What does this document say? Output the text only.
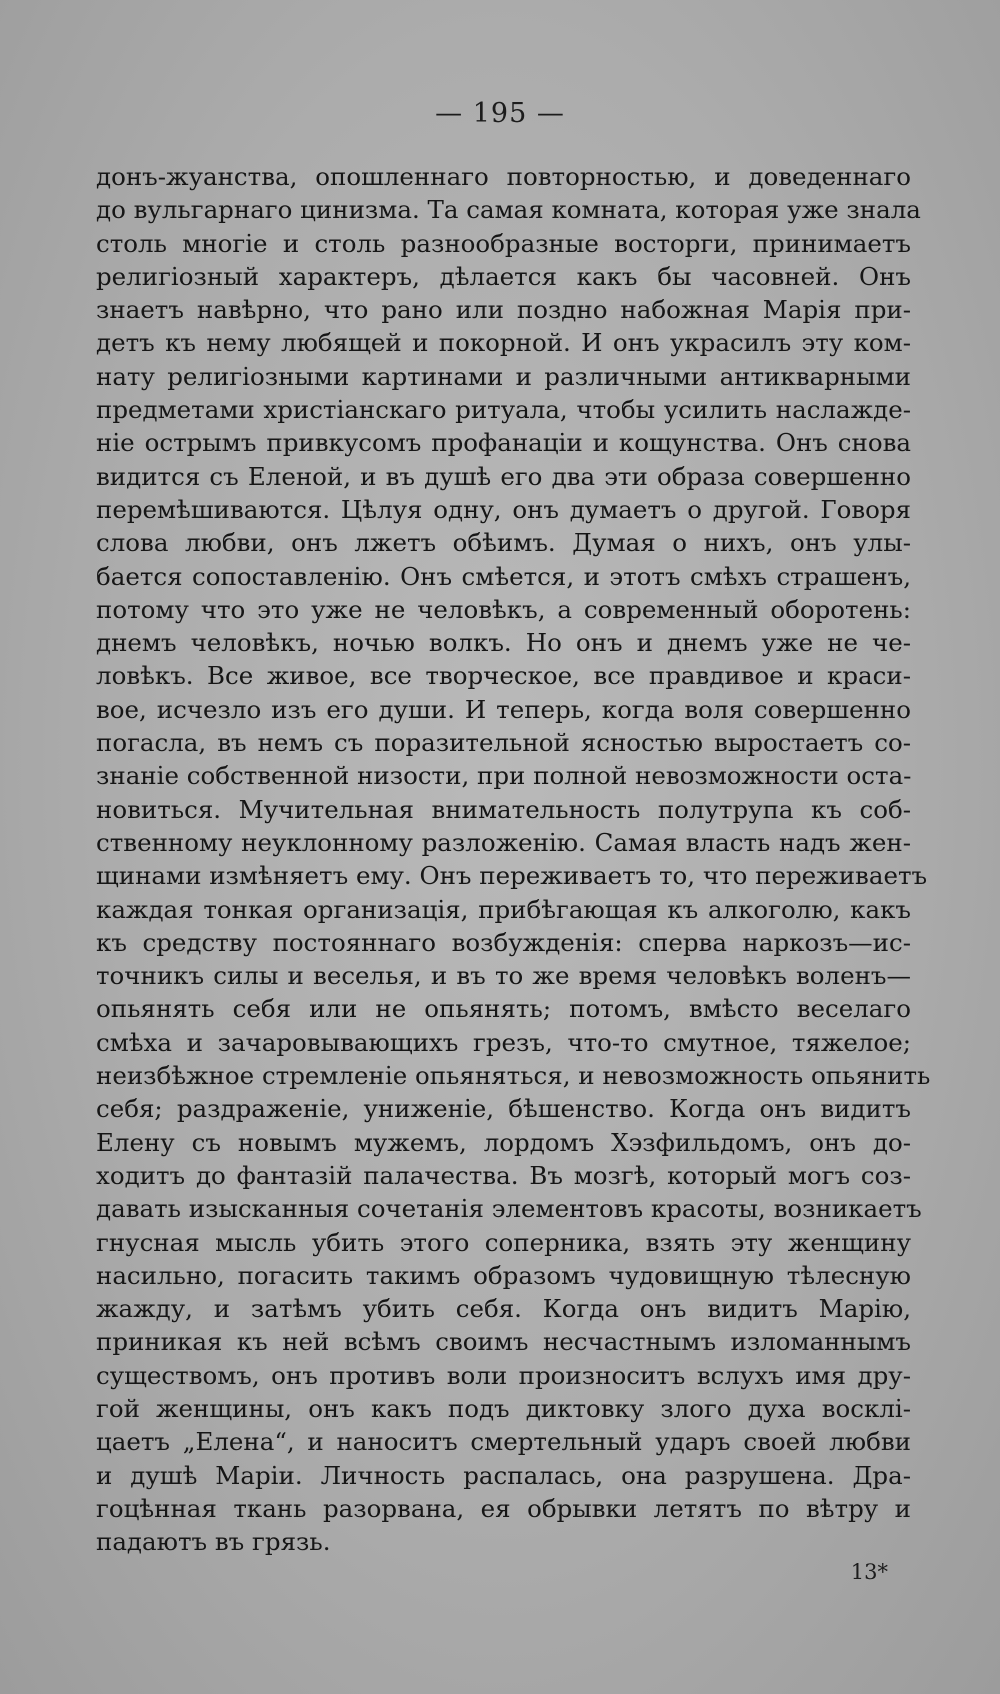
— 195 —
донъ-жуанства, опошленнаго повторностью, и доведеннаго
до вульгарнаго цинизма. Та самая комната, которая уже знала
столь многіе и столь разнообразные восторги, принимаетъ
религіозный характеръ, дѣлается какъ бы часовней. Онъ
знаетъ навѣрно, что рано или поздно набожная Марія при-
детъ къ нему любящей и покорной. И онъ украсилъ эту ком-
нату религіозными картинами и различными антикварными
предметами христіанскаго ритуала, чтобы усилить наслажде-
ніе острымъ привкусомъ профанаціи и кощунства. Онъ снова
видится съ Еленой, и въ душѣ его два эти образа совершенно
перемѣшиваются. Цѣлуя одну, онъ думаетъ о другой. Говоря
слова любви, онъ лжетъ обѣимъ. Думая о нихъ, онъ улы-
бается сопоставленію. Онъ смѣется, и этотъ смѣхъ страшенъ,
потому что это уже не человѣкъ, а современный оборотень:
днемъ человѣкъ, ночью волкъ. Но онъ и днемъ уже не че-
ловѣкъ. Все живое, все творческое, все правдивое и краси-
вое, исчезло изъ его души. И теперь, когда воля совершенно
погасла, въ немъ съ поразительной ясностью выростаетъ со-
знаніе собственной низости, при полной невозможности оста-
новиться. Мучительная внимательность полутрупа къ соб-
ственному неуклонному разложенію. Самая власть надъ жен-
щинами измѣняетъ ему. Онъ переживаетъ то, что переживаетъ
каждая тонкая организація, прибѣгающая къ алкоголю, какъ
къ средству постояннаго возбужденія: сперва наркозъ—ис-
точникъ силы и веселья, и въ то же время человѣкъ воленъ—
опьянять себя или не опьянять; потомъ, вмѣсто веселаго
смѣха и зачаровывающихъ грезъ, что-то смутное, тяжелое;
неизбѣжное стремленіе опьяняться, и невозможность опьянить
себя; раздраженіе, униженіе, бѣшенство. Когда онъ видитъ
Елену съ новымъ мужемъ, лордомъ Хэзфильдомъ, онъ до-
ходитъ до фантазій палачества. Въ мозгѣ, который могъ соз-
давать изысканныя сочетанія элементовъ красоты, возникаетъ
гнусная мысль убить этого соперника, взять эту женщину
насильно, погасить такимъ образомъ чудовищную тѣлесную
жажду, и затѣмъ убить себя. Когда онъ видитъ Марію,
приникая къ ней всѣмъ своимъ несчастнымъ изломаннымъ
существомъ, онъ противъ воли произноситъ вслухъ имя дру-
гой женщины, онъ какъ подъ диктовку злого духа восклi-
цаетъ „Елена“, и наноситъ смертельный ударъ своей любви
и душѣ Маріи. Личность распалась, она разрушена. Дра-
гоцѣнная ткань разорвана, ея обрывки летятъ по вѣтру и
падаютъ въ грязь.
13*
